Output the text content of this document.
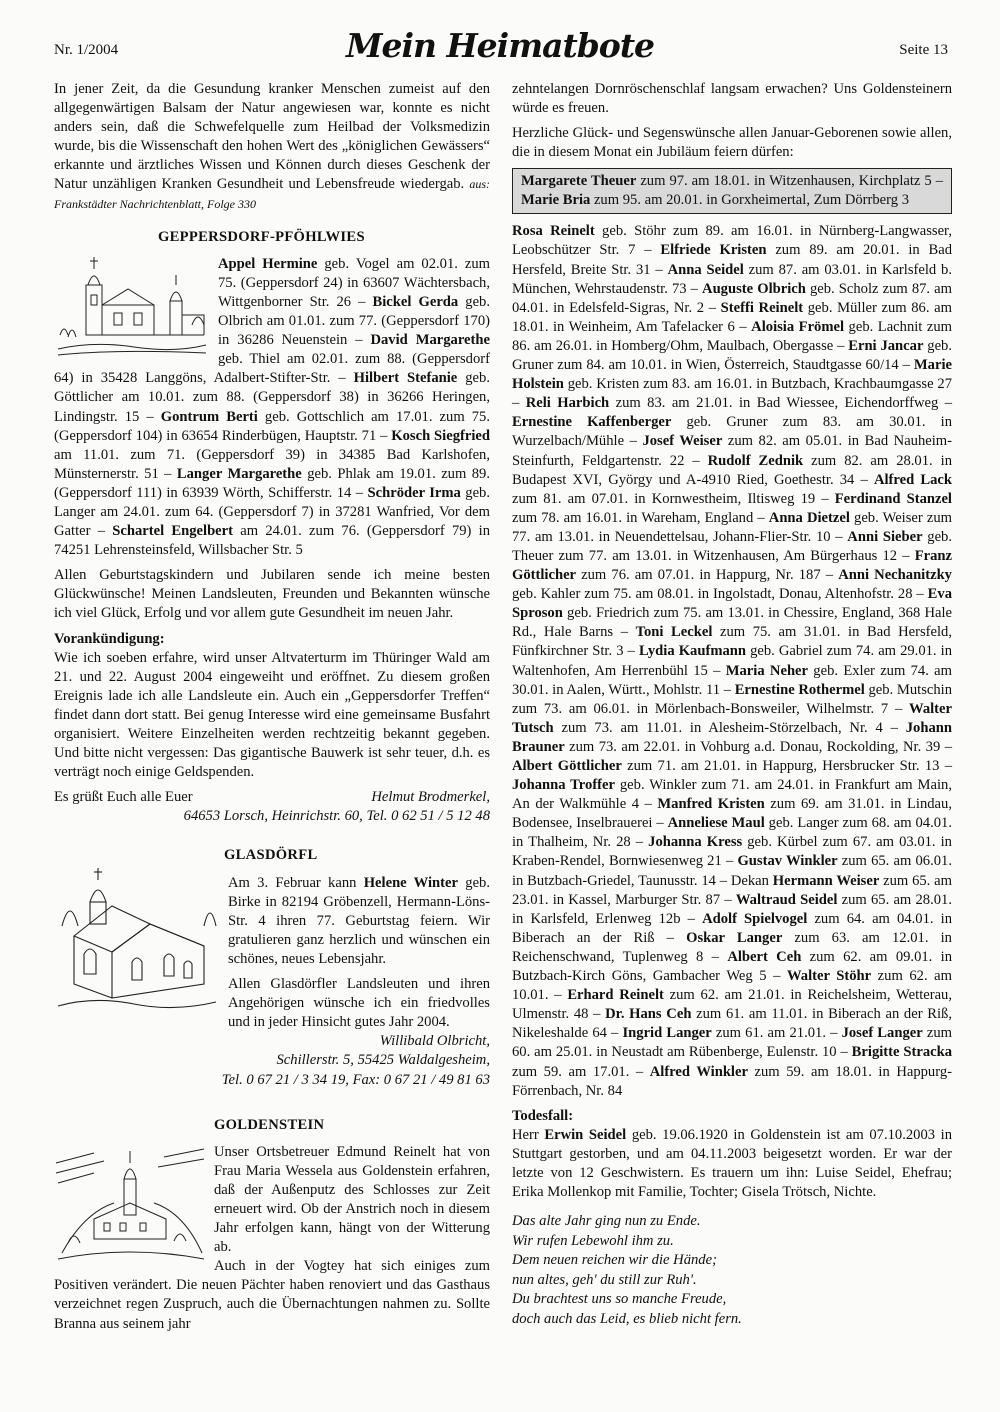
Nr. 1/2004	Mein Heimatbote	Seite 13

In jener Zeit, da die Gesundung kranker Menschen zumeist auf den allgegenwärtigen Balsam der Natur angewiesen war, konnte es nicht anders sein, daß die Schwefelquelle zum Heilbad der Volksmedizin wurde, bis die Wissenschaft den hohen Wert des „königlichen Gewässers“ erkannte und ärztliches Wissen und Können durch dieses Geschenk der Natur unzähligen Kranken Gesundheit und Lebensfreude wiedergab. aus: Frankstädter Nachrichtenblatt, Folge 330

GEPPERSDORF-PFÖHLWIES

Appel Hermine geb. Vogel am 02.01. zum 75. (Geppersdorf 24) in 63607 Wächtersbach, Wittgenborner Str. 26 – Bickel Gerda geb. Olbrich am 01.01. zum 77. (Geppersdorf 170) in 36286 Neuenstein – David Margarethe geb. Thiel am 02.01. zum 88. (Geppersdorf 64) in 35428 Langgöns, Adalbert-Stifter-Str. – Hilbert Stefanie geb. Göttlicher am 10.01. zum 88. (Geppersdorf 38) in 36266 Heringen, Lindingstr. 15 – Gontrum Berti geb. Gottschlich am 17.01. zum 75. (Geppersdorf 104) in 63654 Rinderbügen, Hauptstr. 71 – Kosch Siegfried am 11.01. zum 71. (Geppersdorf 39) in 34385 Bad Karlshofen, Münsternerstr. 51 – Langer Margarethe geb. Phlak am 19.01. zum 89. (Geppersdorf 111) in 63939 Wörth, Schifferstr. 14 – Schröder Irma geb. Langer am 24.01. zum 64. (Geppersdorf 7) in 37281 Wanfried, Vor dem Gatter – Schartel Engelbert am 24.01. zum 76. (Geppersdorf 79) in 74251 Lehrensteinsfeld, Willsbacher Str. 5

Allen Geburtstagskindern und Jubilaren sende ich meine besten Glückwünsche! Meinen Landsleuten, Freunden und Bekannten wünsche ich viel Glück, Erfolg und vor allem gute Gesundheit im neuen Jahr.

Vorankündigung:

Wie ich soeben erfahre, wird unser Altvaterturm im Thüringer Wald am 21. und 22. August 2004 eingeweiht und eröffnet. Zu diesem großen Ereignis lade ich alle Landsleute ein. Auch ein „Geppersdorfer Treffen“ findet dann dort statt. Bei genug Interesse wird eine gemeinsame Busfahrt organisiert. Weitere Einzelheiten werden rechtzeitig bekannt gegeben. Und bitte nicht vergessen: Das gigantische Bauwerk ist sehr teuer, d.h. es verträgt noch einige Geldspenden.

Es grüßt Euch alle Euer	Helmut Brodmerkel,
64653 Lorsch, Heinrichstr. 60, Tel. 0 62 51 / 5 12 48
GLASDÖRFL

Am 3. Februar kann Helene Winter geb. Birke in 82194 Gröbenzell, Hermann-Löns-Str. 4 ihren 77. Geburtstag feiern. Wir gratulieren ganz herzlich und wünschen ein schönes, neues Lebensjahr.

Allen Glasdörfler Landsleuten und ihren Angehörigen wünsche ich ein friedvolles und in jeder Hinsicht gutes Jahr 2004.

Willibald Olbricht,
Schillerstr. 5, 55425 Waldalgesheim,
Tel. 0 67 21 / 3 34 19, Fax: 0 67 21 / 49 81 63
GOLDENSTEIN

Unser Ortsbetreuer Edmund Reinelt hat von Frau Maria Wessela aus Goldenstein erfahren, daß der Außenputz des Schlosses zur Zeit erneuert wird. Ob der Anstrich noch in diesem Jahr erfolgen kann, hängt von der Witterung ab.

Auch in der Vogtey hat sich einiges zum Positiven verändert. Die neuen Pächter haben renoviert und das Gasthaus verzeichnet regen Zuspruch, auch die Übernachtungen nahmen zu. Sollte Branna aus seinem jahr

zehntelangen Dornröschenschlaf langsam erwachen? Uns Goldensteinern würde es freuen.

Herzliche Glück- und Segenswünsche allen Januar-Geborenen sowie allen, die in diesem Monat ein Jubiläum feiern dürfen:

Margarete Theuer zum 97. am 18.01. in Witzenhausen, Kirchplatz 5 – Marie Bria zum 95. am 20.01. in Gorxheimertal, Zum Dörrberg 3

Rosa Reinelt geb. Stöhr zum 89. am 16.01. in Nürnberg-Langwasser, Leobschützer Str. 7 – Elfriede Kristen zum 89. am 20.01. in Bad Hersfeld, Breite Str. 31 – Anna Seidel zum 87. am 03.01. in Karlsfeld b. München, Wehrstaudenstr. 73 – Auguste Olbrich geb. Scholz zum 87. am 04.01. in Edelsfeld-Sigras, Nr. 2 – Steffi Reinelt geb. Müller zum 86. am 18.01. in Weinheim, Am Tafelacker 6 – Aloisia Frömel geb. Lachnit zum 86. am 26.01. in Homberg/Ohm, Maulbach, Obergasse – Erni Jancar geb. Gruner zum 84. am 10.01. in Wien, Österreich, Staudtgasse 60/14 – Marie Holstein geb. Kristen zum 83. am 16.01. in Butzbach, Krachbaumgasse 27 – Reli Harbich zum 83. am 21.01. in Bad Wiessee, Eichendorffweg – Ernestine Kaffenberger geb. Gruner zum 83. am 30.01. in Wurzelbach/Mühle – Josef Weiser zum 82. am 05.01. in Bad Nauheim-Steinfurth, Feldgartenstr. 22 – Rudolf Zednik zum 82. am 28.01. in Budapest XVI, György und A-4910 Ried, Goethestr. 34 – Alfred Lack zum 81. am 07.01. in Kornwestheim, Iltisweg 19 – Ferdinand Stanzel zum 78. am 16.01. in Wareham, England – Anna Dietzel geb. Weiser zum 77. am 13.01. in Neuendettelsau, Johann-Flier-Str. 10 – Anni Sieber geb. Theuer zum 77. am 13.01. in Witzenhausen, Am Bürgerhaus 12 – Franz Göttlicher zum 76. am 07.01. in Happurg, Nr. 187 – Anni Nechanitzky geb. Kahler zum 75. am 08.01. in Ingolstadt, Donau, Altenhofstr. 28 – Eva Sproson geb. Friedrich zum 75. am 13.01. in Chessire, England, 368 Hale Rd., Hale Barns – Toni Leckel zum 75. am 31.01. in Bad Hersfeld, Fünfkirchner Str. 3 – Lydia Kaufmann geb. Gabriel zum 74. am 29.01. in Waltenhofen, Am Herrenbühl 15 – Maria Neher geb. Exler zum 74. am 30.01. in Aalen, Württ., Mohlstr. 11 – Ernestine Rothermel geb. Mutschin zum 73. am 06.01. in Mörlenbach-Bonsweiler, Wilhelmstr. 7 – Walter Tutsch zum 73. am 11.01. in Alesheim-Störzelbach, Nr. 4 – Johann Brauner zum 73. am 22.01. in Vohburg a.d. Donau, Rockolding, Nr. 39 – Albert Göttlicher zum 71. am 21.01. in Happurg, Hersbrucker Str. 13 – Johanna Troffer geb. Winkler zum 71. am 24.01. in Frankfurt am Main, An der Walkmühle 4 – Manfred Kristen zum 69. am 31.01. in Lindau, Bodensee, Inselbrauerei – Anneliese Maul geb. Langer zum 68. am 04.01. in Thalheim, Nr. 28 – Johanna Kress geb. Kürbel zum 67. am 03.01. in Kraben-Rendel, Bornwiesenweg 21 – Gustav Winkler zum 65. am 06.01. in Butzbach-Griedel, Taunusstr. 14 – Dekan Hermann Weiser zum 65. am 23.01. in Kassel, Marburger Str. 87 – Waltraud Seidel zum 65. am 28.01. in Karlsfeld, Erlenweg 12b – Adolf Spielvogel zum 64. am 04.01. in Biberach an der Riß – Oskar Langer zum 63. am 12.01. in Reichenschwand, Tuplenweg 8 – Albert Ceh zum 62. am 09.01. in Butzbach-Kirch Göns, Gambacher Weg 5 – Walter Stöhr zum 62. am 10.01. – Erhard Reinelt zum 62. am 21.01. in Reichelsheim, Wetterau, Ulmenstr. 48 – Dr. Hans Ceh zum 61. am 11.01. in Biberach an der Riß, Nikeleshalde 64 – Ingrid Langer zum 61. am 21.01. – Josef Langer zum 60. am 25.01. in Neustadt am Rübenberge, Eulenstr. 10 – Brigitte Stracka zum 59. am 17.01. – Alfred Winkler zum 59. am 18.01. in Happurg-Förrenbach, Nr. 84

Todesfall:

Herr Erwin Seidel geb. 19.06.1920 in Goldenstein ist am 07.10.2003 in Stuttgart gestorben, und am 04.11.2003 beigesetzt worden. Er war der letzte von 12 Geschwistern. Es trauern um ihn: Luise Seidel, Ehefrau; Erika Mollenkop mit Familie, Tochter; Gisela Trötsch, Nichte.

Das alte Jahr ging nun zu Ende.
Wir rufen Lebewohl ihm zu.
Dem neuen reichen wir die Hände;
nun altes, geh' du still zur Ruh'.
Du brachtest uns so manche Freude,
doch auch das Leid, es blieb nicht fern.
